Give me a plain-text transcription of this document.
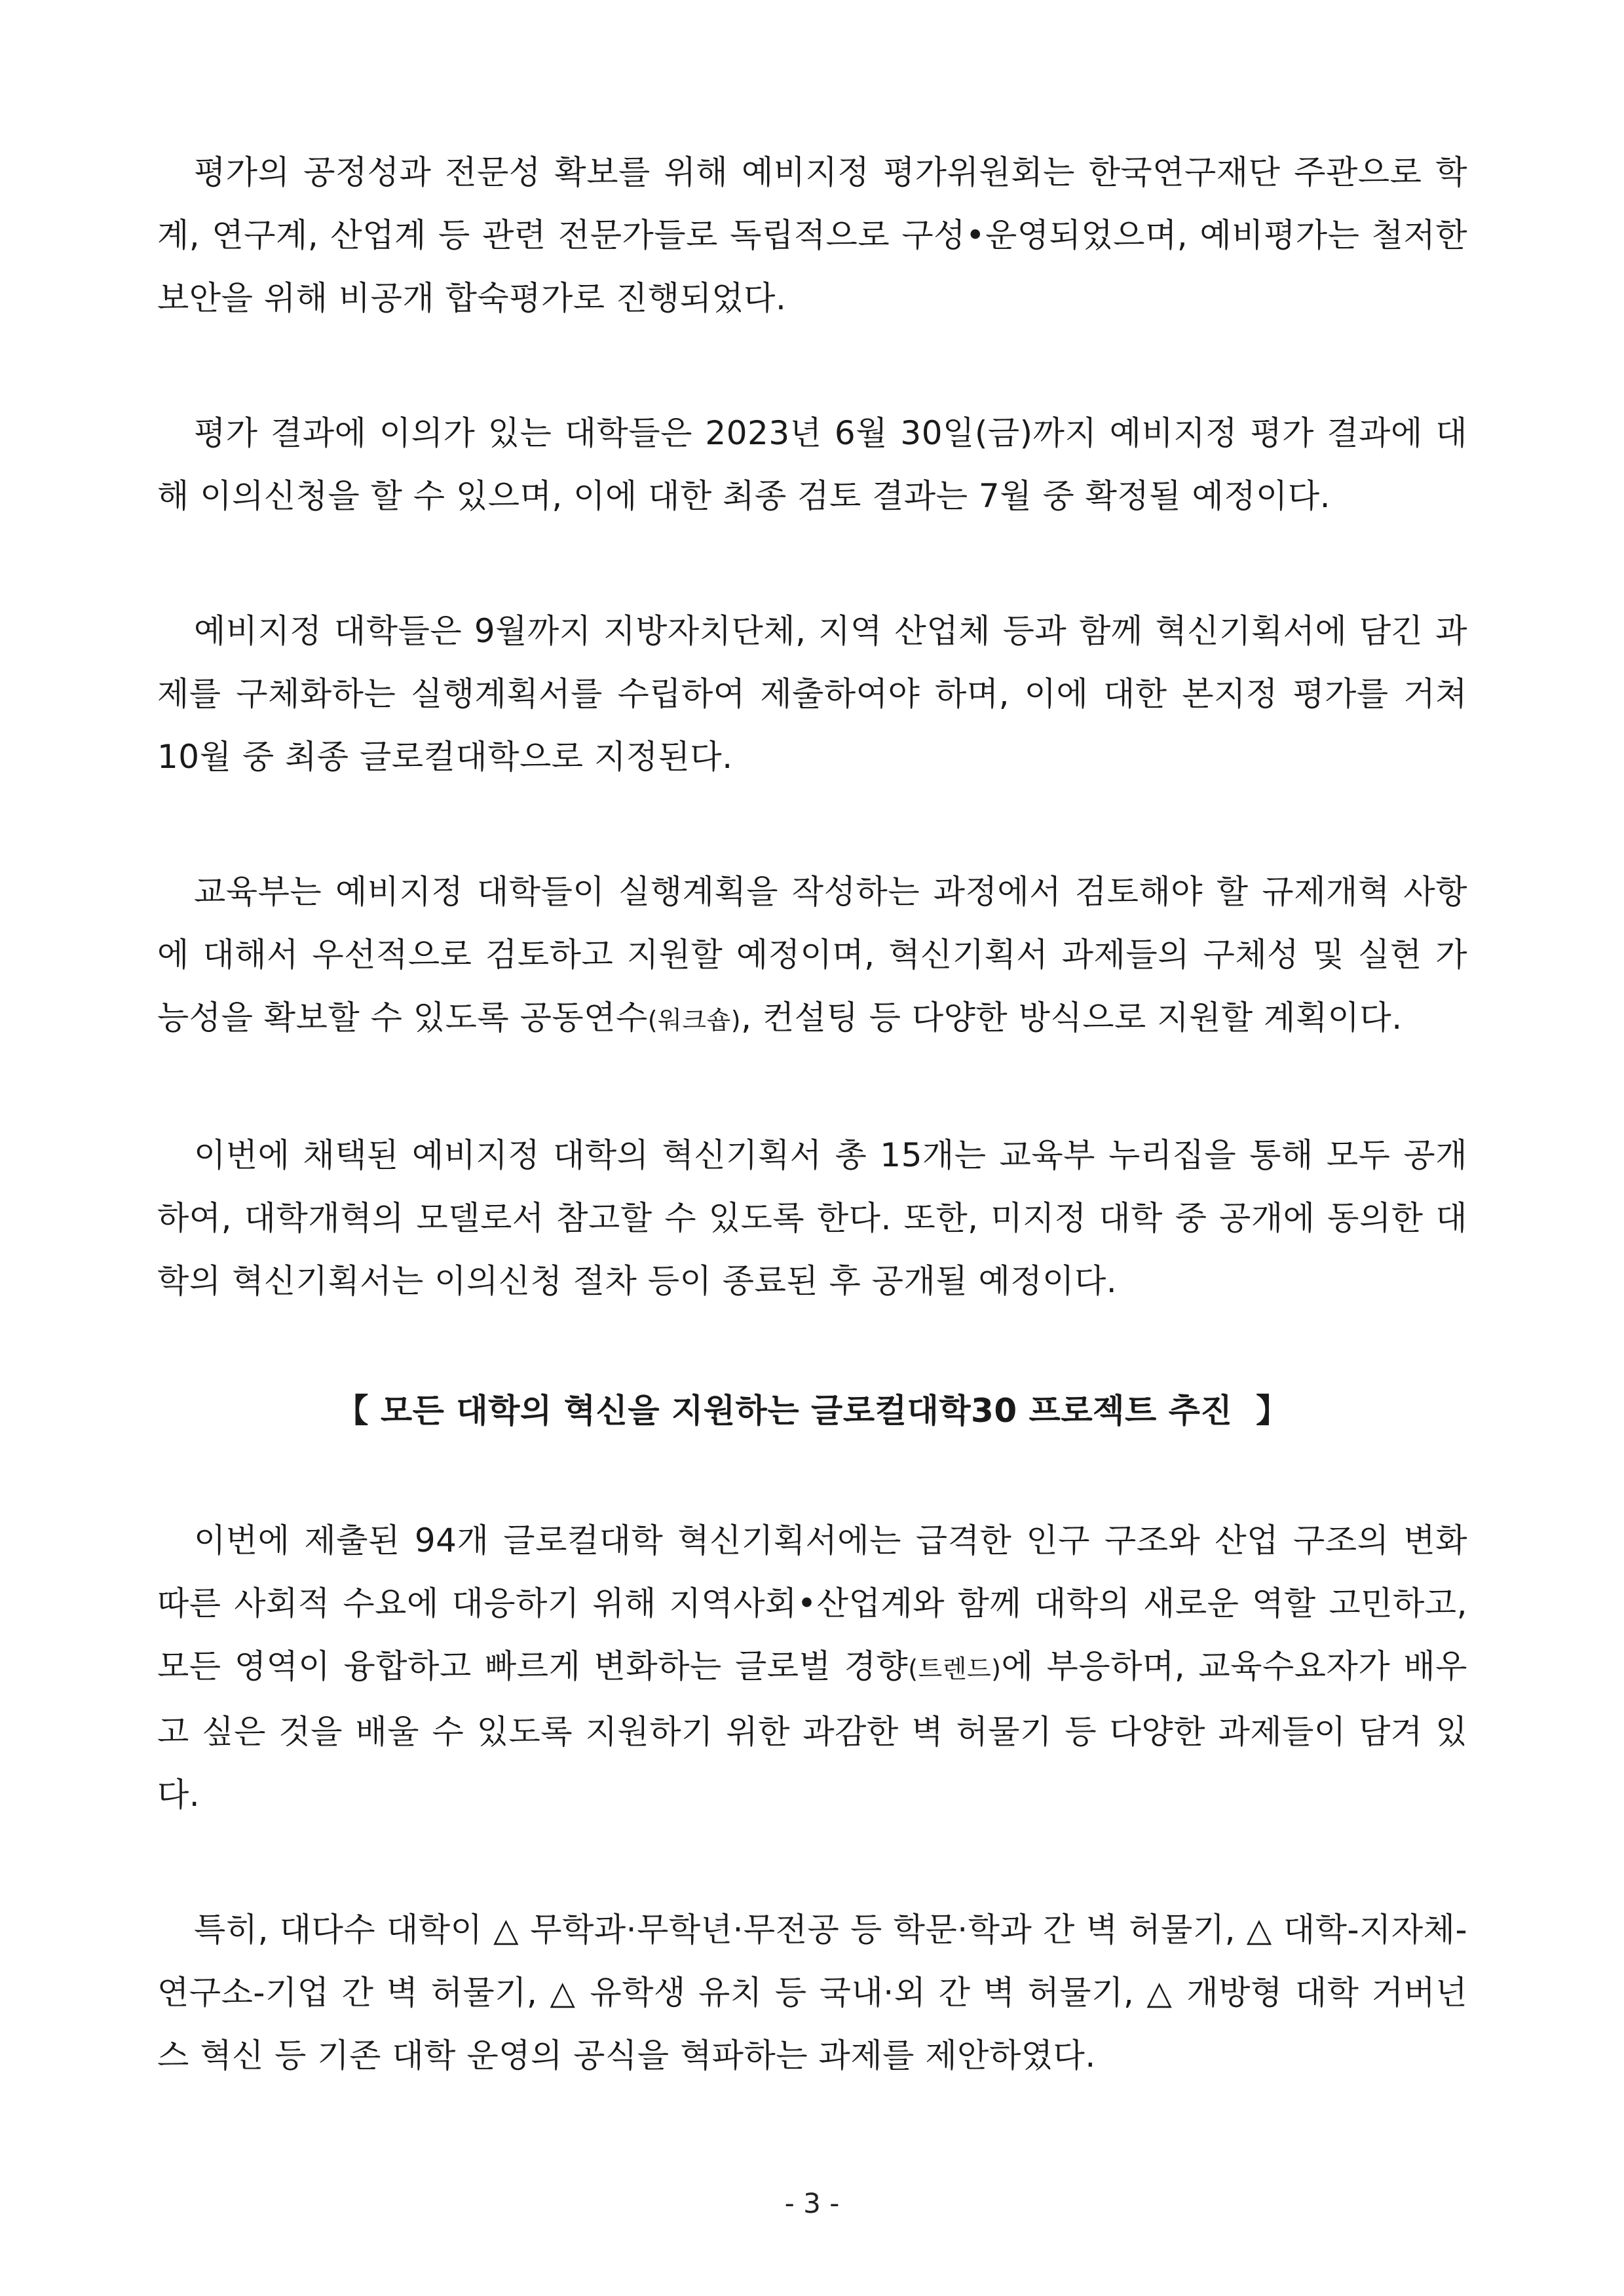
평가의 공정성과 전문성 확보를 위해 예비지정 평가위원회는 한국연구재단 주관으로 학계, 연구계, 산업계 등 관련 전문가들로 독립적으로 구성•운영되었으며, 예비평가는 철저한 보안을 위해 비공개 합숙평가로 진행되었다.

평가 결과에 이의가 있는 대학들은 2023년 6월 30일(금)까지 예비지정 평가 결과에 대해 이의신청을 할 수 있으며, 이에 대한 최종 검토 결과는 7월 중 확정될 예정이다.

예비지정 대학들은 9월까지 지방자치단체, 지역 산업체 등과 함께 혁신기획서에 담긴 과제를 구체화하는 실행계획서를 수립하여 제출하여야 하며, 이에 대한 본지정 평가를 거쳐 10월 중 최종 글로컬대학으로 지정된다.

교육부는 예비지정 대학들이 실행계획을 작성하는 과정에서 검토해야 할 규제개혁 사항에 대해서 우선적으로 검토하고 지원할 예정이며, 혁신기획서 과제들의 구체성 및 실현 가능성을 확보할 수 있도록 공동연수(워크숍), 컨설팅 등 다양한 방식으로 지원할 계획이다.

이번에 채택된 예비지정 대학의 혁신기획서 총 15개는 교육부 누리집을 통해 모두 공개하여, 대학개혁의 모델로서 참고할 수 있도록 한다. 또한, 미지정 대학 중 공개에 동의한 대학의 혁신기획서는 이의신청 절차 등이 종료된 후 공개될 예정이다.

【 모든 대학의 혁신을 지원하는 글로컬대학30 프로젝트 추진 】

이번에 제출된 94개 글로컬대학 혁신기획서에는 급격한 인구 구조와 산업 구조의 변화 따른 사회적 수요에 대응하기 위해 지역사회•산업계와 함께 대학의 새로운 역할 고민하고, 모든 영역이 융합하고 빠르게 변화하는 글로벌 경향(트렌드)에 부응하며, 교육수요자가 배우고 싶은 것을 배울 수 있도록 지원하기 위한 과감한 벽 허물기 등 다양한 과제들이 담겨 있다.

특히, 대다수 대학이 △ 무학과·무학년·무전공 등 학문·학과 간 벽 허물기, △ 대학-지자체-연구소-기업 간 벽 허물기, △ 유학생 유치 등 국내·외 간 벽 허물기, △ 개방형 대학 거버넌스 혁신 등 기존 대학 운영의 공식을 혁파하는 과제를 제안하였다.

- 3 -
